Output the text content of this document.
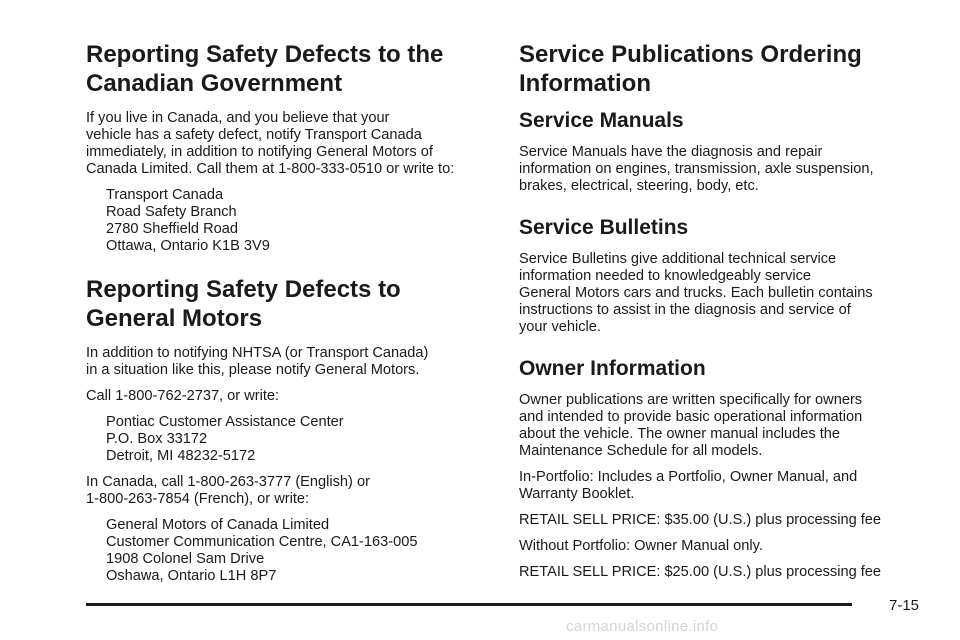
Reporting Safety Defects to the
Canadian Government

If you live in Canada, and you believe that your
vehicle has a safety defect, notify Transport Canada
immediately, in addition to notifying General Motors of
Canada Limited. Call them at 1-800-333-0510 or write to:

Transport Canada
Road Safety Branch
2780 Sheffield Road
Ottawa, Ontario K1B 3V9

Reporting Safety Defects to
General Motors

In addition to notifying NHTSA (or Transport Canada)
in a situation like this, please notify General Motors.

Call 1-800-762-2737, or write:

Pontiac Customer Assistance Center
P.O. Box 33172
Detroit, MI 48232-5172

In Canada, call 1-800-263-3777 (English) or
1-800-263-7854 (French), or write:

General Motors of Canada Limited
Customer Communication Centre, CA1-163-005
1908 Colonel Sam Drive
Oshawa, Ontario L1H 8P7

Service Publications Ordering
Information
Service Manuals

Service Manuals have the diagnosis and repair
information on engines, transmission, axle suspension,
brakes, electrical, steering, body, etc.

Service Bulletins

Service Bulletins give additional technical service
information needed to knowledgeably service
General Motors cars and trucks. Each bulletin contains
instructions to assist in the diagnosis and service of
your vehicle.

Owner Information

Owner publications are written specifically for owners
and intended to provide basic operational information
about the vehicle. The owner manual includes the
Maintenance Schedule for all models.

In-Portfolio: Includes a Portfolio, Owner Manual, and
Warranty Booklet.

RETAIL SELL PRICE: $35.00 (U.S.) plus processing fee

Without Portfolio: Owner Manual only.

RETAIL SELL PRICE: $25.00 (U.S.) plus processing fee

7-15
carmanualsonline.info
